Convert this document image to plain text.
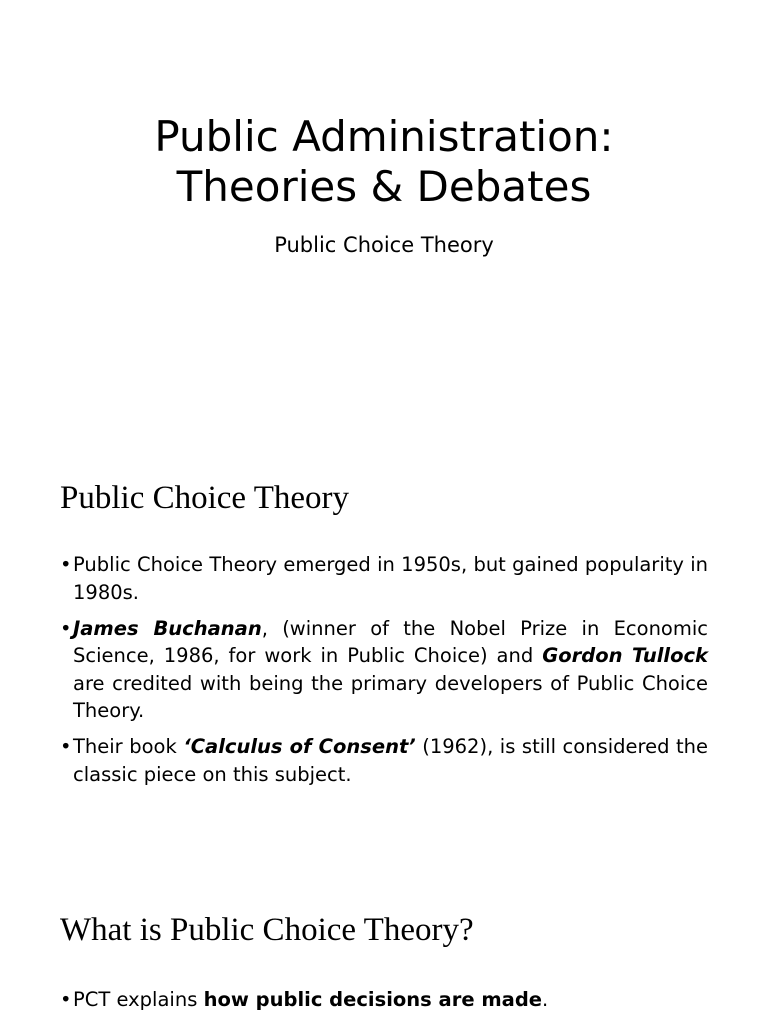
Public Administration:
Theories & Debates

Public Choice Theory

Public Choice Theory
• Public Choice Theory emerged in 1950s, but gained popularity in 1980s.
• James Buchanan, (winner of the Nobel Prize in Economic Science, 1986, for work in Public Choice) and Gordon Tullock are credited with being the primary developers of Public Choice Theory.
• Their book ‘Calculus of Consent’ (1962), is still considered the classic piece on this subject.
What is Public Choice Theory?
• PCT explains how public decisions are made.
